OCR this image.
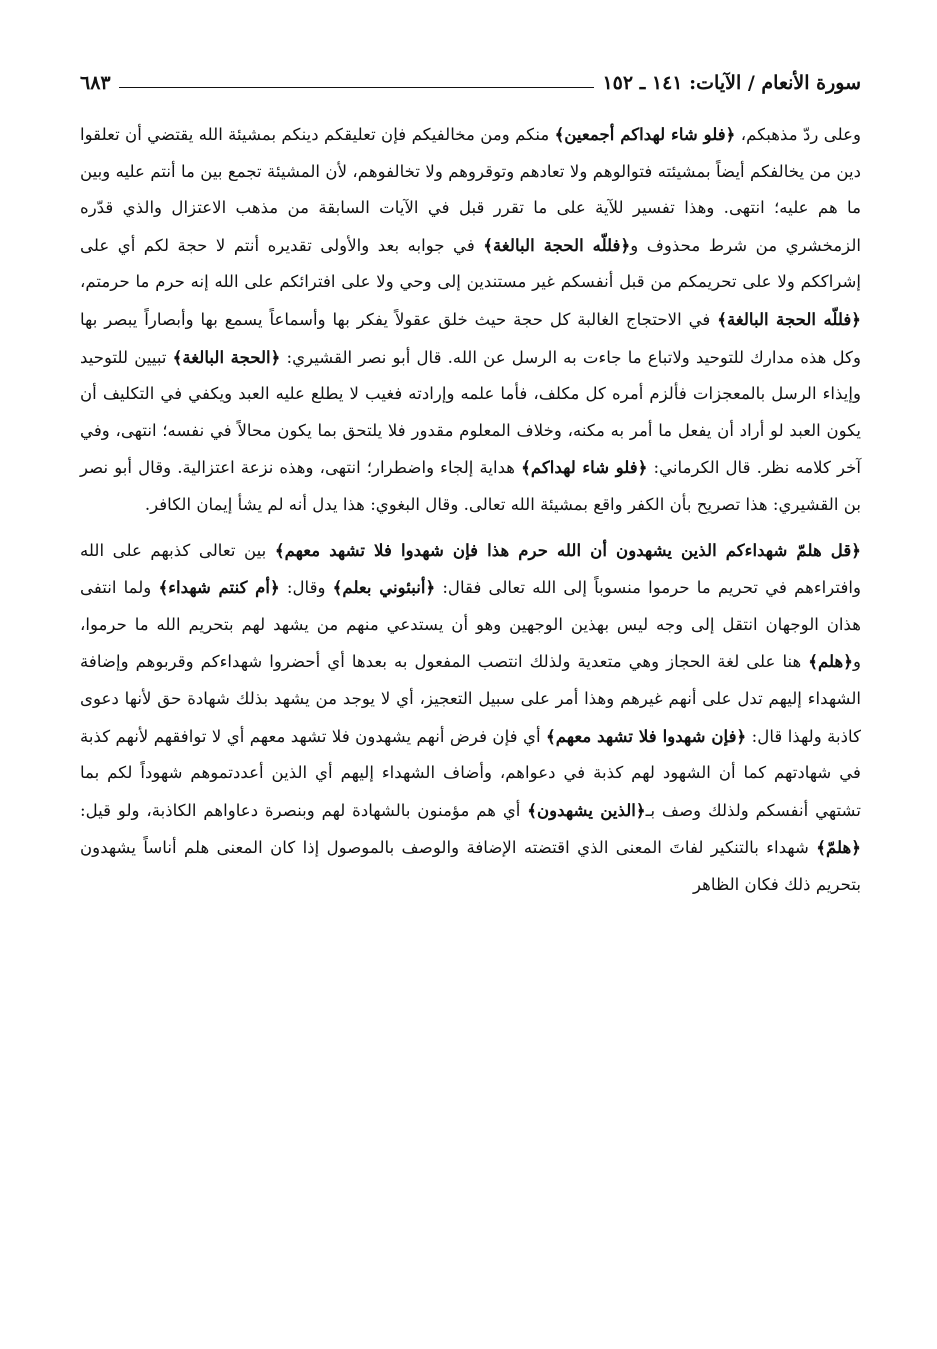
سورة الأنعام / الآيات: ١٤١ ـ ١٥٢
٦٨٣

وعلى ردّ مذهبكم، ﴿فلو شاء لهداكم أجمعين﴾ منكم ومن مخالفيكم فإن تعليقكم دينكم بمشيئة الله يقتضي أن تعلقوا دين من يخالفكم أيضاً بمشيئته فتوالوهم ولا تعادهم وتوقروهم ولا تخالفوهم، لأن المشيئة تجمع بين ما أنتم عليه وبين ما هم عليه؛ انتهى. وهذا تفسير للآية على ما تقرر قبل في الآيات السابقة من مذهب الاعتزال والذي قدّره الزمخشري من شرط محذوف و﴿فللّه الحجة البالغة﴾ في جوابه بعد والأولى تقديره أنتم لا حجة لكم أي على إشراككم ولا على تحريمكم من قبل أنفسكم غير مستندين إلى وحي ولا على افترائكم على الله إنه حرم ما حرمتم، ﴿فللّه الحجة البالغة﴾ في الاحتجاج الغالبة كل حجة حيث خلق عقولاً يفكر بها وأسماعاً يسمع بها وأبصاراً يبصر بها وكل هذه مدارك للتوحيد ولاتباع ما جاءت به الرسل عن الله. قال أبو نصر القشيري: ﴿الحجة البالغة﴾ تبيين للتوحيد وإيذاء الرسل بالمعجزات فألزم أمره كل مكلف، فأما علمه وإرادته فغيب لا يطلع عليه العبد ويكفي في التكليف أن يكون العبد لو أراد أن يفعل ما أمر به مكنه، وخلاف المعلوم مقدور فلا يلتحق بما يكون محالاً في نفسه؛ انتهى، وفي آخر كلامه نظر. قال الكرماني: ﴿فلو شاء لهداكم﴾ هداية إلجاء واضطرار؛ انتهى، وهذه نزعة اعتزالية. وقال أبو نصر بن القشيري: هذا تصريح بأن الكفر واقع بمشيئة الله تعالى. وقال البغوي: هذا يدل أنه لم يشأ إيمان الكافر.

﴿قل هلمّ شهداءكم الذين يشهدون أن الله حرم هذا فإن شهدوا فلا تشهد معهم﴾ بين تعالى كذبهم على الله وافتراءهم في تحريم ما حرموا منسوباً إلى الله تعالى فقال: ﴿أنبئوني بعلم﴾ وقال: ﴿أم كنتم شهداء﴾ ولما انتفى هذان الوجهان انتقل إلى وجه ليس بهذين الوجهين وهو أن يستدعي منهم من يشهد لهم بتحريم الله ما حرموا، و﴿هلم﴾ هنا على لغة الحجاز وهي متعدية ولذلك انتصب المفعول به بعدها أي أحضروا شهداءكم وقربوهم وإضافة الشهداء إليهم تدل على أنهم غيرهم وهذا أمر على سبيل التعجيز، أي لا يوجد من يشهد بذلك شهادة حق لأنها دعوى كاذبة ولهذا قال: ﴿فإن شهدوا فلا تشهد معهم﴾ أي فإن فرض أنهم يشهدون فلا تشهد معهم أي لا توافقهم لأنهم كذبة في شهادتهم كما أن الشهود لهم كذبة في دعواهم، وأضاف الشهداء إليهم أي الذين أعددتموهم شهوداً لكم بما تشتهي أنفسكم ولذلك وصف بـ﴿الذين يشهدون﴾ أي هم مؤمنون بالشهادة لهم وبنصرة دعاواهم الكاذبة، ولو قيل: ﴿هلمّ﴾ شهداء بالتنكير لفاتَ المعنى الذي اقتضته الإضافة والوصف بالموصول إذا كان المعنى هلم أناساً يشهدون بتحريم ذلك فكان الظاهر
